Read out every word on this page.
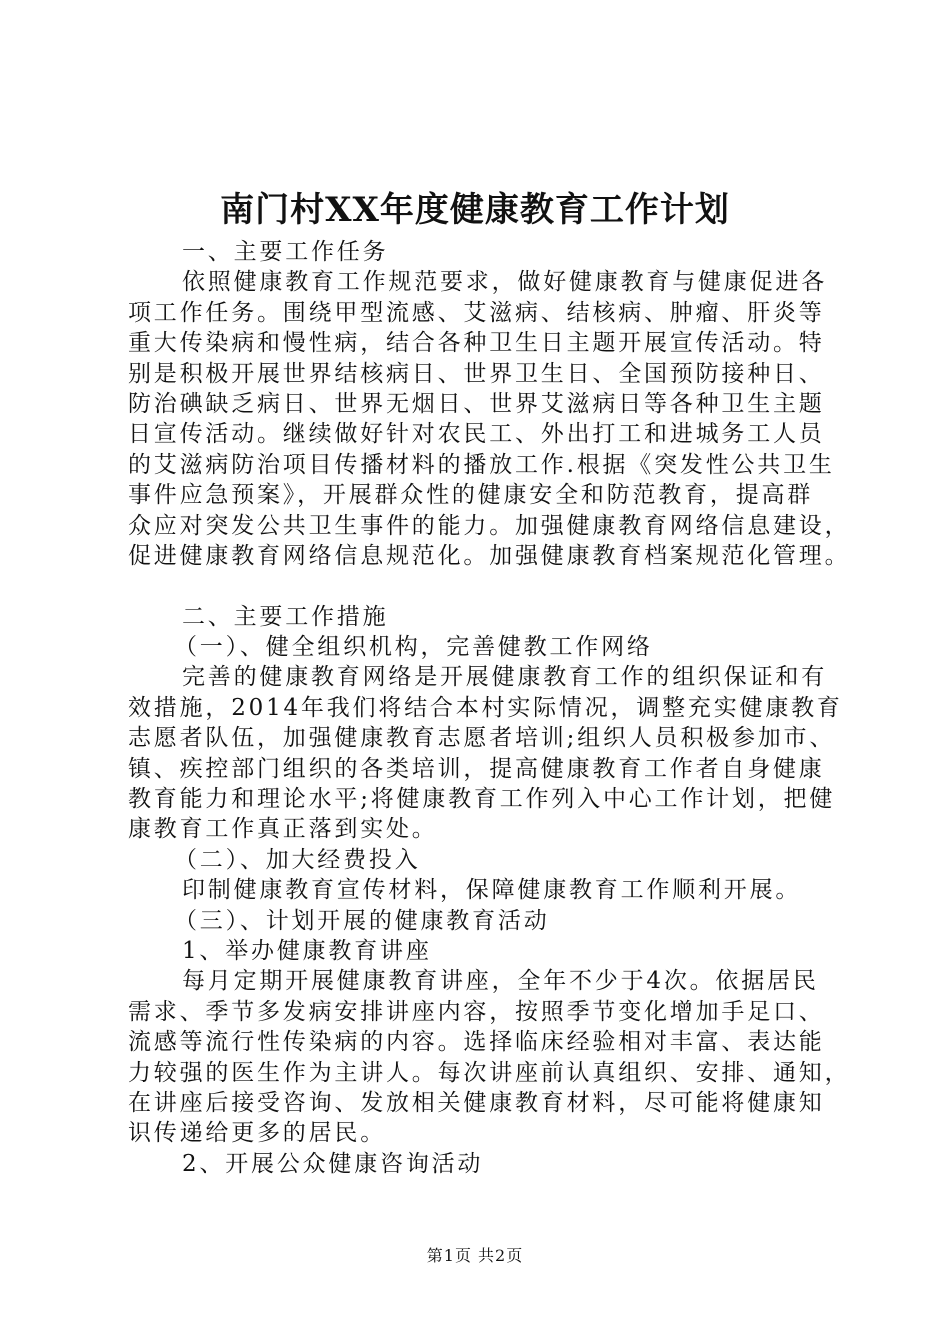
南门村XX年度健康教育工作计划
一、主要工作任务
依照健康教育工作规范要求，做好健康教育与健康促进各
项工作任务。围绕甲型流感、艾滋病、结核病、肿瘤、肝炎等
重大传染病和慢性病，结合各种卫生日主题开展宣传活动。特
别是积极开展世界结核病日、世界卫生日、全国预防接种日、
防治碘缺乏病日、世界无烟日、世界艾滋病日等各种卫生主题
日宣传活动。继续做好针对农民工、外出打工和进城务工人员
的艾滋病防治项目传播材料的播放工作.根据《突发性公共卫生
事件应急预案》，开展群众性的健康安全和防范教育，提高群
众应对突发公共卫生事件的能力。加强健康教育网络信息建设，
促进健康教育网络信息规范化。加强健康教育档案规范化管理。
二、主要工作措施
（一）、健全组织机构，完善健教工作网络
完善的健康教育网络是开展健康教育工作的组织保证和有
效措施，2014年我们将结合本村实际情况，调整充实健康教育
志愿者队伍，加强健康教育志愿者培训;组织人员积极参加市、
镇、疾控部门组织的各类培训，提高健康教育工作者自身健康
教育能力和理论水平;将健康教育工作列入中心工作计划，把健
康教育工作真正落到实处。
（二）、加大经费投入
印制健康教育宣传材料，保障健康教育工作顺利开展。
（三）、计划开展的健康教育活动
1、举办健康教育讲座
每月定期开展健康教育讲座，全年不少于4次。依据居民
需求、季节多发病安排讲座内容，按照季节变化增加手足口、
流感等流行性传染病的内容。选择临床经验相对丰富、表达能
力较强的医生作为主讲人。每次讲座前认真组织、安排、通知，
在讲座后接受咨询、发放相关健康教育材料，尽可能将健康知
识传递给更多的居民。
2、开展公众健康咨询活动
第1页 共2页
